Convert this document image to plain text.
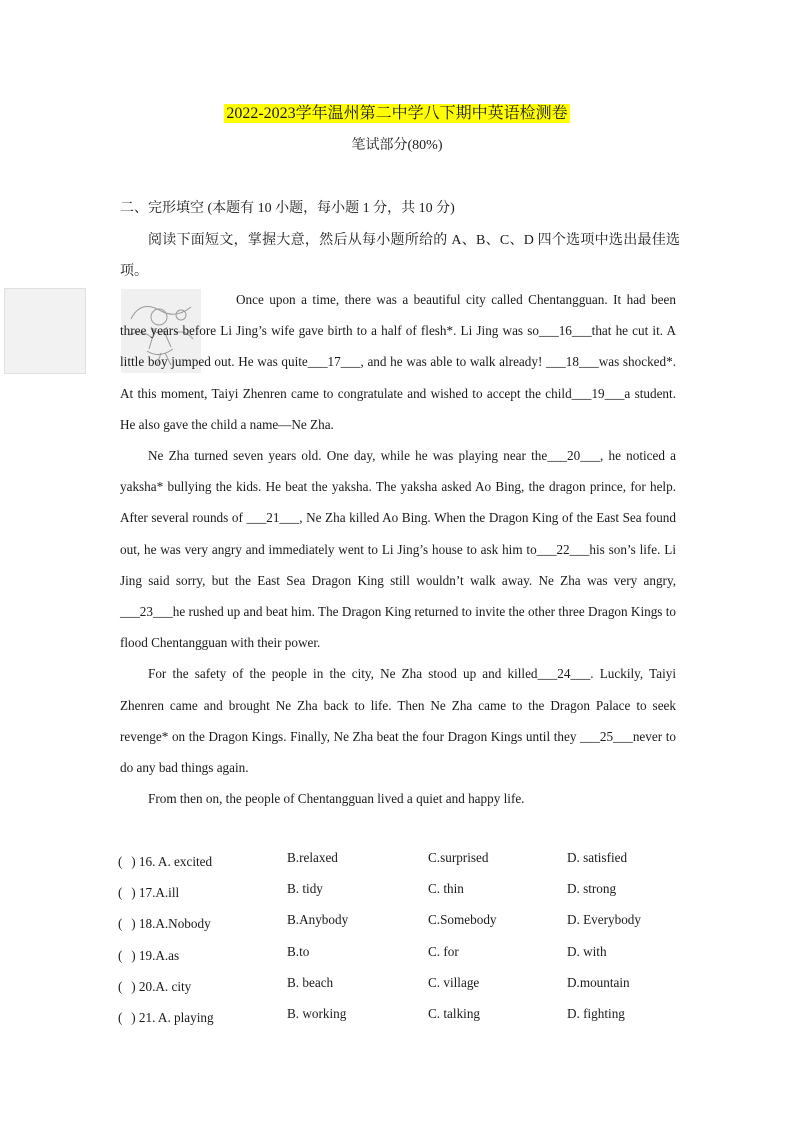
2022-2023学年温州第二中学八下期中英语检测卷
笔试部分(80%)
二、完形填空 (本题有 10 小题，每小题 1 分，共 10 分)
阅读下面短文，掌握大意，然后从每小题所给的 A、B、C、D 四个选项中选出最佳选项。

Once upon a time, there was a beautiful city called Chentangguan. It had been three years before Li Jing’s wife gave birth to a half of flesh*. Li Jing was so___16___that he cut it. A little boy jumped out. He was quite___17___, and he was able to walk already! ___18___was shocked*. At this moment, Taiyi Zhenren came to congratulate and wished to accept the child___19___a student. He also gave the child a name—Ne Zha.

Ne Zha turned seven years old. One day, while he was playing near the___20___, he noticed a yaksha* bullying the kids. He beat the yaksha. The yaksha asked Ao Bing, the dragon prince, for help. After several rounds of ___21___, Ne Zha killed Ao Bing. When the Dragon King of the East Sea found out, he was very angry and immediately went to Li Jing’s house to ask him to___22___his son’s life. Li Jing said sorry, but the East Sea Dragon King still wouldn’t walk away. Ne Zha was very angry, ___23___he rushed up and beat him. The Dragon King returned to invite the other three Dragon Kings to flood Chentangguan with their power.

For the safety of the people in the city, Ne Zha stood up and killed___24___. Luckily, Taiyi Zhenren came and brought Ne Zha back to life. Then Ne Zha came to the Dragon Palace to seek revenge* on the Dragon Kings. Finally, Ne Zha beat the four Dragon Kings until they ___25___never to do any bad things again.

From then on, the people of Chentangguan lived a quiet and happy life.

(
) 16. A. excited	B.relaxed	C.surprised	D. satisfied
(
) 17.A.ill	B. tidy	C. thin	D. strong
(
) 18.A.Nobody	B.Anybody	C.Somebody	D. Everybody
(
) 19.A.as	B.to	C. for	D. with
(
) 20.A. city	B. beach	C. village	D.mountain
(
) 21. A. playing	B. working	C. talking	D. fighting
